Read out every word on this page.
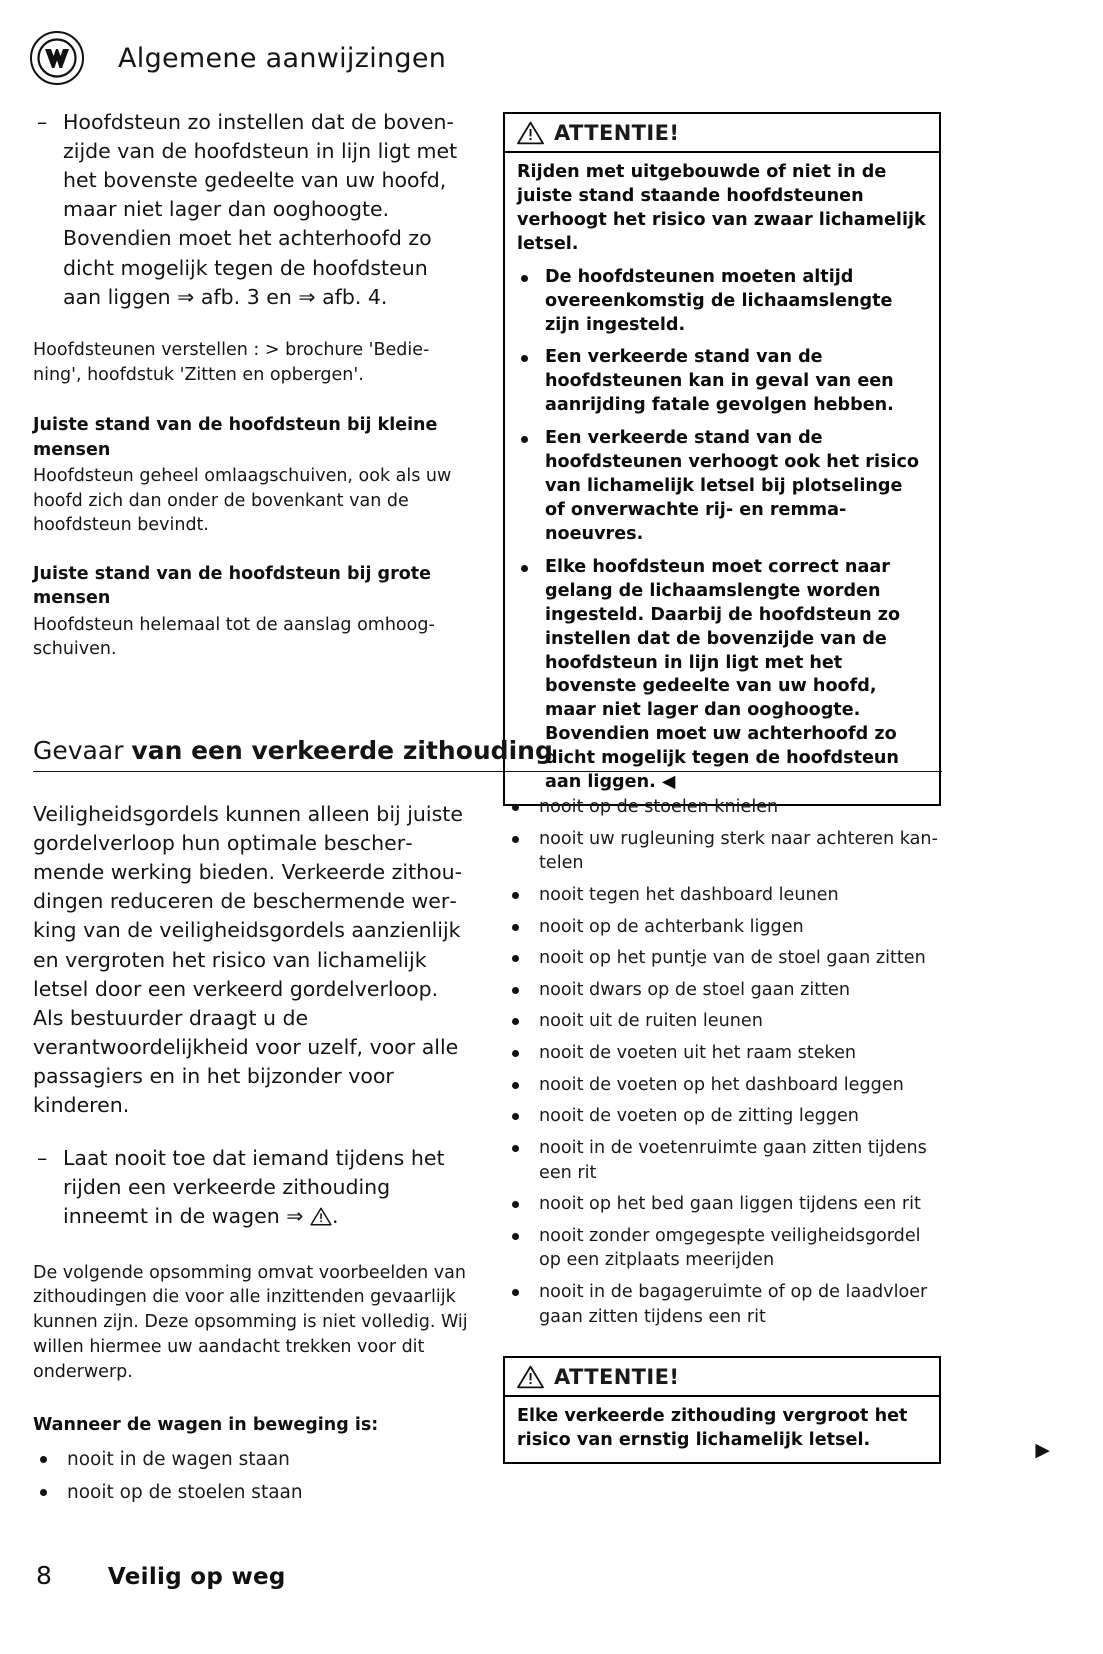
Algemene aanwijzingen
– Hoofdsteun zo instellen dat de bovenzijde van de hoofdsteun in lijn ligt met het bovenste gedeelte van uw hoofd, maar niet lager dan ooghoogte. Bovendien moet het achterhoofd zo dicht mogelijk tegen de hoofdsteun aan liggen ⇒ afb. 3 en ⇒ afb. 4.
Hoofdsteunen verstellen : > brochure 'Bediening', hoofdstuk 'Zitten en opbergen'.
Juiste stand van de hoofdsteun bij kleine mensen
Hoofdsteun geheel omlaagschuiven, ook als uw hoofd zich dan onder de bovenkant van de hoofdsteun bevindt.
Juiste stand van de hoofdsteun bij grote mensen
Hoofdsteun helemaal tot de aanslag omhoogschuiven.
ATTENTIE!

Rijden met uitgebouwde of niet in de juiste stand staande hoofdsteunen verhoogt het risico van zwaar lichamelijk letsel.

De hoofdsteunen moeten altijd overeenkomstig de lichaamslengte zijn ingesteld.

Een verkeerde stand van de hoofdsteunen kan in geval van een aanrijding fatale gevolgen hebben.

Een verkeerde stand van de hoofdsteunen verhoogt ook het risico van lichamelijk letsel bij plotselinge of onverwachte rij- en remmanoeuvres.

Elke hoofdsteun moet correct naar gelang de lichaamslengte worden ingesteld. Daarbij de hoofdsteun zo instellen dat de bovenzijde van de hoofdsteun in lijn ligt met het bovenste gedeelte van uw hoofd, maar niet lager dan ooghoogte. Bovendien moet uw achterhoofd zo dicht mogelijk tegen de hoofdsteun aan liggen. ◀

Gevaar van een verkeerde zithouding
Veiligheidsgordels kunnen alleen bij juiste gordelverloop hun optimale beschermende werking bieden. Verkeerde zithoudingen reduceren de beschermende werking van de veiligheidsgordels aanzienlijk en vergroten het risico van lichamelijk letsel door een verkeerd gordelverloop. Als bestuurder draagt u de verantwoordelijkheid voor uzelf, voor alle passagiers en in het bijzonder voor kinderen.
– Laat nooit toe dat iemand tijdens het rijden een verkeerde zithouding inneemt in de wagen ⇒ .
De volgende opsomming omvat voorbeelden van zithoudingen die voor alle inzittenden gevaarlijk kunnen zijn. Deze opsomming is niet volledig. Wij willen hiermee uw aandacht trekken voor dit onderwerp.
Wanneer de wagen in beweging is:
nooit in de wagen staan
nooit op de stoelen staan
nooit op de stoelen knielen
nooit uw rugleuning sterk naar achteren kantelen
nooit tegen het dashboard leunen
nooit op de achterbank liggen
nooit op het puntje van de stoel gaan zitten
nooit dwars op de stoel gaan zitten
nooit uit de ruiten leunen
nooit de voeten uit het raam steken
nooit de voeten op het dashboard leggen
nooit de voeten op de zitting leggen
nooit in de voetenruimte gaan zitten tijdens een rit
nooit op het bed gaan liggen tijdens een rit
nooit zonder omgegespte veiligheidsgordel op een zitplaats meerijden
nooit in de bagageruimte of op de laadvloer gaan zitten tijdens een rit
ATTENTIE!

Elke verkeerde zithouding vergroot het risico van ernstig lichamelijk letsel.

▶
8 Veilig op weg
